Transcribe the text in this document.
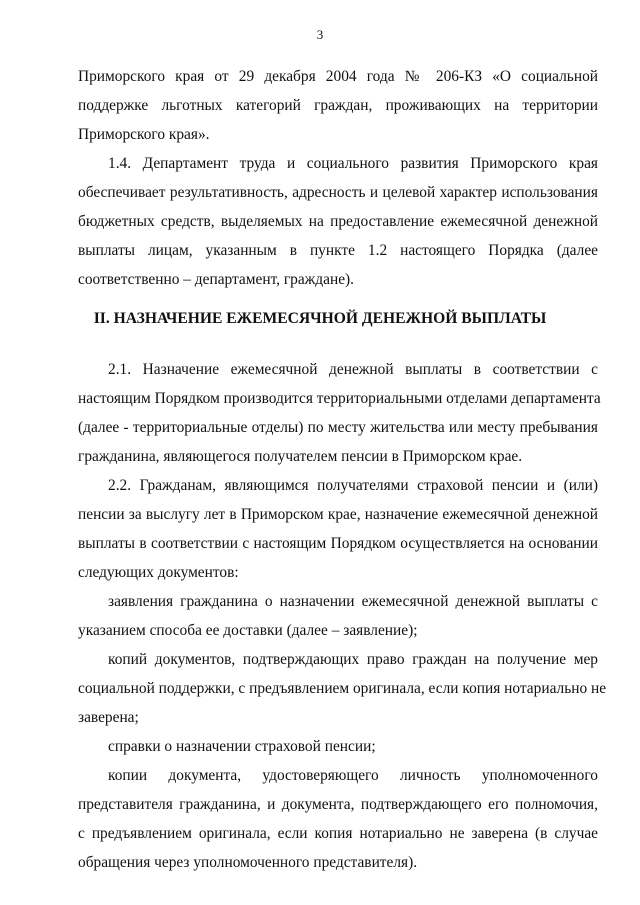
3
Приморского края от 29 декабря 2004 года № 206-КЗ «О социальной
поддержке льготных категорий граждан, проживающих на территории
Приморского края».
1.4. Департамент труда и социального развития Приморского края
обеспечивает результативность, адресность и целевой характер использования
бюджетных средств, выделяемых на предоставление ежемесячной денежной
выплаты лицам, указанным в пункте 1.2 настоящего Порядка (далее
соответственно – департамент, граждане).
II. НАЗНАЧЕНИЕ ЕЖЕМЕСЯЧНОЙ ДЕНЕЖНОЙ ВЫПЛАТЫ
2.1. Назначение ежемесячной денежной выплаты в соответствии с
настоящим Порядком производится территориальными отделами департамента
(далее - территориальные отделы) по месту жительства или месту пребывания
гражданина, являющегося получателем пенсии в Приморском крае.
2.2. Гражданам, являющимся получателями страховой пенсии и (или)
пенсии за выслугу лет в Приморском крае, назначение ежемесячной денежной
выплаты в соответствии с настоящим Порядком осуществляется на основании
следующих документов:
заявления гражданина о назначении ежемесячной денежной выплаты с
указанием способа ее доставки (далее – заявление);
копий документов, подтверждающих право граждан на получение мер
социальной поддержки, с предъявлением оригинала, если копия нотариально не
заверена;
справки о назначении страховой пенсии;
копии документа, удостоверяющего личность уполномоченного
представителя гражданина, и документа, подтверждающего его полномочия,
с предъявлением оригинала, если копия нотариально не заверена (в случае
обращения через уполномоченного представителя).
